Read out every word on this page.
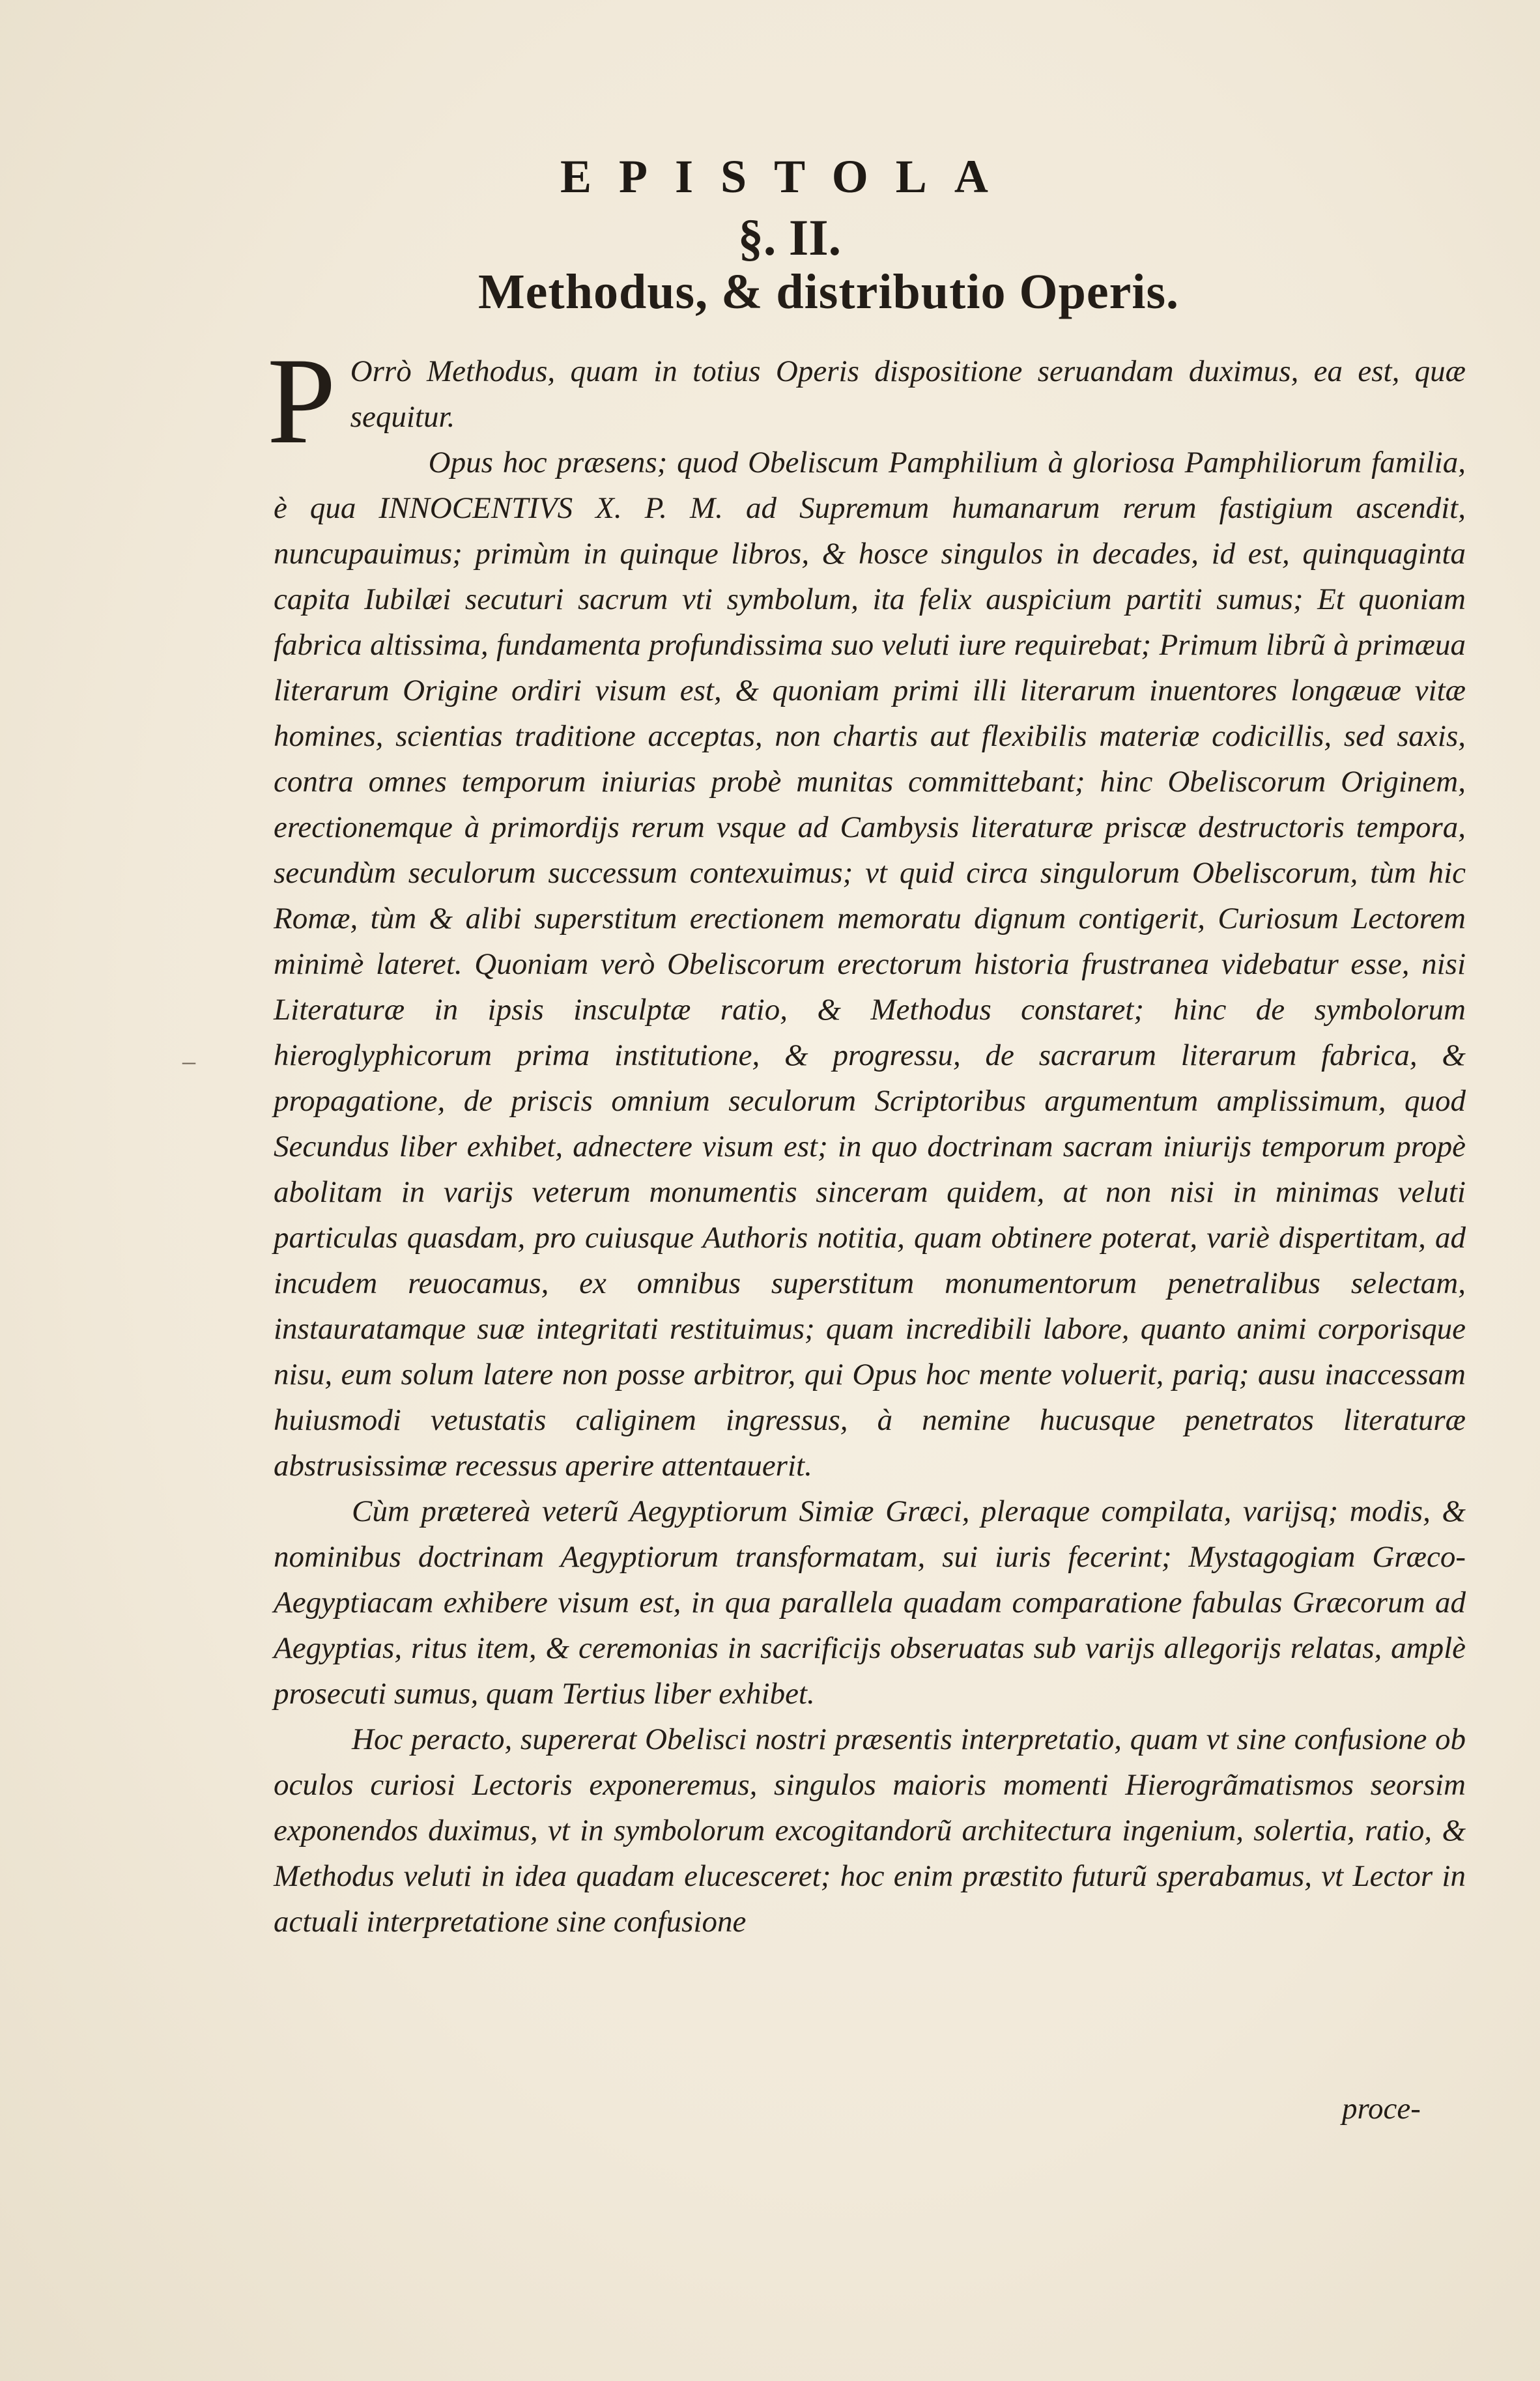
EPISTOLA
§. II.
Methodus, & distributio Operis.
–

P Orrò Methodus, quam in totius Operis dispositione seruandam duximus, ea est, quæ sequitur.

Opus hoc præsens; quod Obeliscum Pamphilium à gloriosa Pamphiliorum familia, è qua INNOCENTIVS X. P. M. ad Supremum humanarum rerum fastigium ascendit, nuncupauimus; primùm in quinque libros, & hosce singulos in decades, id est, quinquaginta capita Iubilæi secuturi sacrum vti symbolum, ita felix auspicium partiti sumus; Et quoniam fabrica altissima, fundamenta profundissima suo veluti iure requirebat; Primum librũ à primæua literarum Origine ordiri visum est, & quoniam primi illi literarum inuentores longæuæ vitæ homines, scientias traditione acceptas, non chartis aut flexibilis materiæ codicillis, sed saxis, contra omnes temporum iniurias probè munitas committebant; hinc Obeliscorum Originem, erectionemque à primordijs rerum vsque ad Cambysis literaturæ priscæ destructoris tempora, secundùm seculorum successum contexuimus; vt quid circa singulorum Obeliscorum, tùm hic Romæ, tùm & alibi superstitum erectionem memoratu dignum contigerit, Curiosum Lectorem minimè lateret. Quoniam verò Obeliscorum erectorum historia frustranea videbatur esse, nisi Literaturæ in ipsis insculptæ ratio, & Methodus constaret; hinc de symbolorum hieroglyphicorum prima institutione, & progressu, de sacrarum literarum fabrica, & propagatione, de priscis omnium seculorum Scriptoribus argumentum amplissimum, quod Secundus liber exhibet, adnectere visum est; in quo doctrinam sacram iniurijs temporum propè abolitam in varijs veterum monumentis sinceram quidem, at non nisi in minimas veluti particulas quasdam, pro cuiusque Authoris notitia, quam obtinere poterat, variè dispertitam, ad incudem reuocamus, ex omnibus superstitum monumentorum penetralibus selectam, instauratamque suæ integritati restituimus; quam incredibili labore, quanto animi corporisque nisu, eum solum latere non posse arbitror, qui Opus hoc mente voluerit, pariq; ausu inaccessam huiusmodi vetustatis caliginem ingressus, à nemine hucusque penetratos literaturæ abstrusissimæ recessus aperire attentauerit.

Cùm prætereà veterũ Aegyptiorum Simiæ Græci, pleraque compilata, varijsq; modis, & nominibus doctrinam Aegyptiorum transformatam, sui iuris fecerint; Mystagogiam Græco-Aegyptiacam exhibere visum est, in qua parallela quadam comparatione fabulas Græcorum ad Aegyptias, ritus item, & ceremonias in sacrificijs obseruatas sub varijs allegorijs relatas, amplè prosecuti sumus, quam Tertius liber exhibet.

Hoc peracto, supererat Obelisci nostri præsentis interpretatio, quam vt sine confusione ob oculos curiosi Lectoris exponeremus, singulos maioris momenti Hierogrãmatismos seorsim exponendos duximus, vt in symbolorum excogitandorũ architectura ingenium, solertia, ratio, & Methodus veluti in idea quadam elucesceret; hoc enim præstito futurũ sperabamus, vt Lector in actuali interpretatione sine confusione

proce-
